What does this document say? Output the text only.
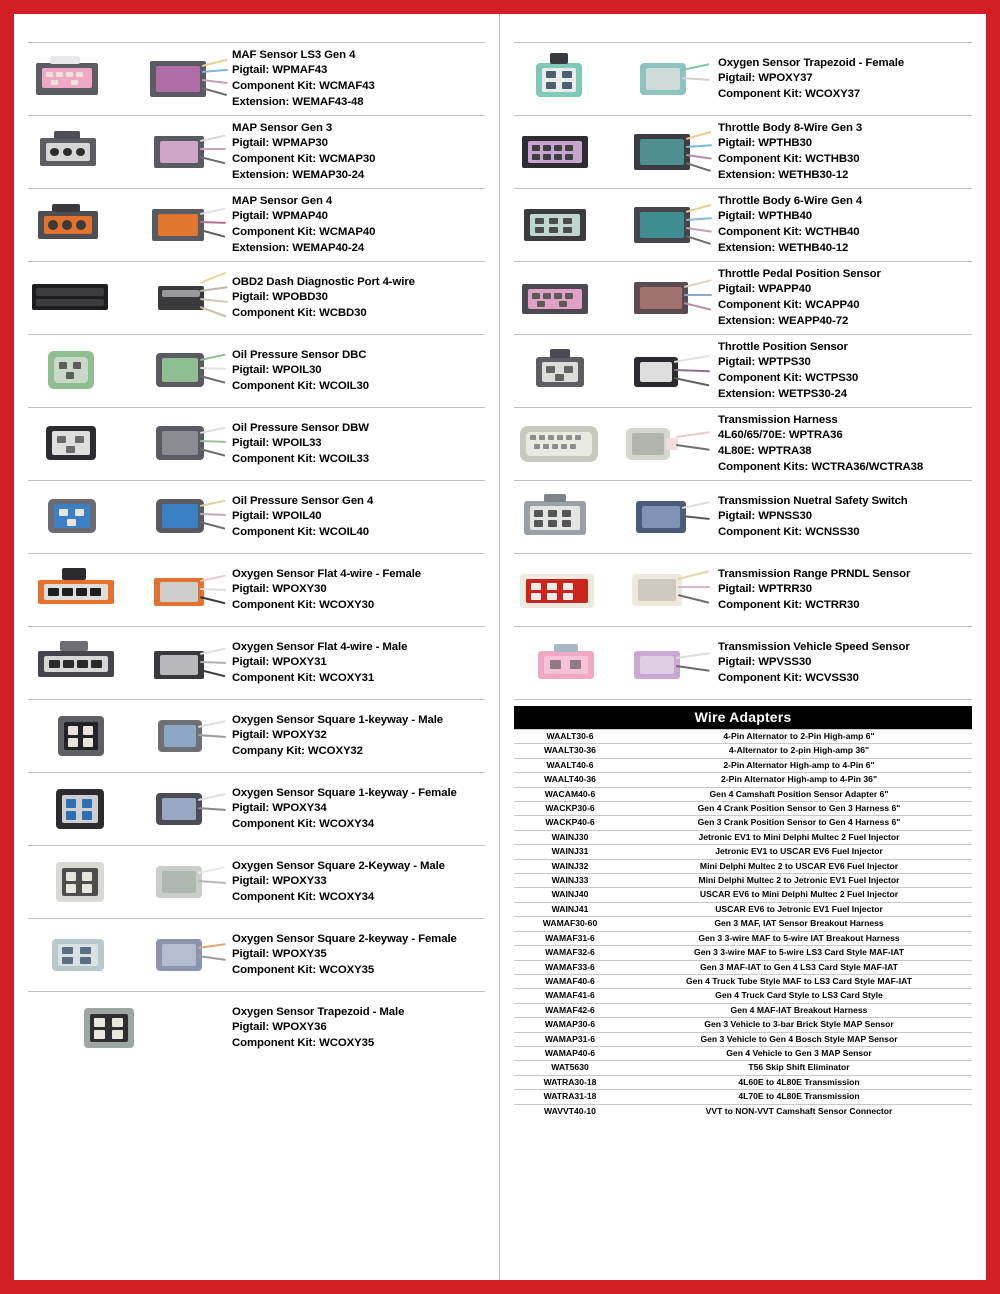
MAF Sensor LS3 Gen 4
Pigtail: WPMAF43
Component Kit: WCMAF43
Extension: WEMAF43-48
MAP Sensor Gen 3
Pigtail: WPMAP30
Component Kit: WCMAP30
Extension: WEMAP30-24
MAP Sensor Gen 4
Pigtail: WPMAP40
Component Kit: WCMAP40
Extension: WEMAP40-24
OBD2 Dash Diagnostic Port 4-wire
Pigtail: WPOBD30
Component Kit: WCBD30
Oil Pressure Sensor DBC
Pigtail: WPOIL30
Component Kit: WCOIL30
Oil Pressure Sensor DBW
Pigtail: WPOIL33
Component Kit: WCOIL33
Oil Pressure Sensor Gen 4
Pigtail: WPOIL40
Component Kit: WCOIL40
Oxygen Sensor Flat 4-wire - Female
Pigtail: WPOXY30
Component Kit: WCOXY30
Oxygen Sensor Flat 4-wire - Male
Pigtail: WPOXY31
Component Kit: WCOXY31
Oxygen Sensor Square 1-keyway - Male
Pigtail: WPOXY32
Company Kit: WCOXY32
Oxygen Sensor Square 1-keyway - Female
Pigtail: WPOXY34
Component Kit: WCOXY34
Oxygen Sensor Square 2-Keyway - Male
Pigtail: WPOXY33
Component Kit: WCOXY34
Oxygen Sensor Square 2-keyway - Female
Pigtail: WPOXY35
Component Kit: WCOXY35
Oxygen Sensor Trapezoid - Male
Pigtail: WPOXY36
Component Kit: WCOXY35
Oxygen Sensor Trapezoid - Female
Pigtail: WPOXY37
Component Kit: WCOXY37
Throttle Body 8-Wire Gen 3
Pigtail: WPTHB30
Component Kit: WCTHB30
Extension: WETHB30-12
Throttle Body 6-Wire Gen 4
Pigtail: WPTHB40
Component Kit: WCTHB40
Extension: WETHB40-12
Throttle Pedal Position Sensor
Pigtail: WPAPP40
Component Kit: WCAPP40
Extension: WEAPP40-72
Throttle Position Sensor
Pigtail: WPTPS30
Component Kit: WCTPS30
Extension: WETPS30-24
Transmission Harness
4L60/65/70E: WPTRA36
4L80E: WPTRA38
Component Kits: WCTRA36/WCTRA38
Transmission Nuetral Safety Switch
Pigtail: WPNSS30
Component Kit: WCNSS30
Transmission Range PRNDL Sensor
Pigtail: WPTRR30
Component Kit: WCTRR30
Transmission Vehicle Speed Sensor
Pigtail: WPVSS30
Component Kit: WCVSS30
Wire Adapters
WAALT30-6	4-Pin Alternator to 2-Pin High-amp 6"
WAALT30-36	4-Alternator to 2-pin High-amp 36"
WAALT40-6	2-Pin Alternator High-amp to 4-Pin 6"
WAALT40-36	2-Pin Alternator High-amp to 4-Pin 36"
WACAM40-6	Gen 4 Camshaft Position Sensor Adapter 6"
WACKP30-6	Gen 4 Crank Position Sensor to Gen 3 Harness 6"
WACKP40-6	Gen 3 Crank Position Sensor to Gen 4 Harness 6"
WAINJ30	Jetronic EV1 to Mini Delphi Multec 2 Fuel Injector
WAINJ31	Jetronic EV1 to USCAR EV6 Fuel Injector
WAINJ32	Mini Delphi Multec 2 to USCAR EV6 Fuel Injector
WAINJ33	Mini Delphi Multec 2 to Jetronic EV1 Fuel Injector
WAINJ40	USCAR EV6 to Mini Delphi Multec 2 Fuel Injector
WAINJ41	USCAR EV6 to Jetronic EV1 Fuel Injector
WAMAF30-60	Gen 3 MAF, IAT Sensor Breakout Harness
WAMAF31-6	Gen 3 3-wire MAF to 5-wire IAT Breakout Harness
WAMAF32-6	Gen 3 3-wire MAF to 5-wire LS3 Card Style MAF-IAT
WAMAF33-6	Gen 3 MAF-IAT to Gen 4 LS3 Card Style MAF-IAT
WAMAF40-6	Gen 4 Truck Tube Style MAF to LS3 Card Style MAF-IAT
WAMAF41-6	Gen 4 Truck Card Style to LS3 Card Style
WAMAF42-6	Gen 4 MAF-IAT Breakout Harness
WAMAP30-6	Gen 3 Vehicle to 3-bar Brick Style MAP Sensor
WAMAP31-6	Gen 3 Vehicle to Gen 4 Bosch Style MAP Sensor
WAMAP40-6	Gen 4 Vehicle to Gen 3 MAP Sensor
WAT5630	T56 Skip Shift Eliminator
WATRA30-18	4L60E to 4L80E Transmission
WATRA31-18	4L70E to 4L80E Transmission
WAVVT40-10	VVT to NON-VVT Camshaft Sensor Connector
